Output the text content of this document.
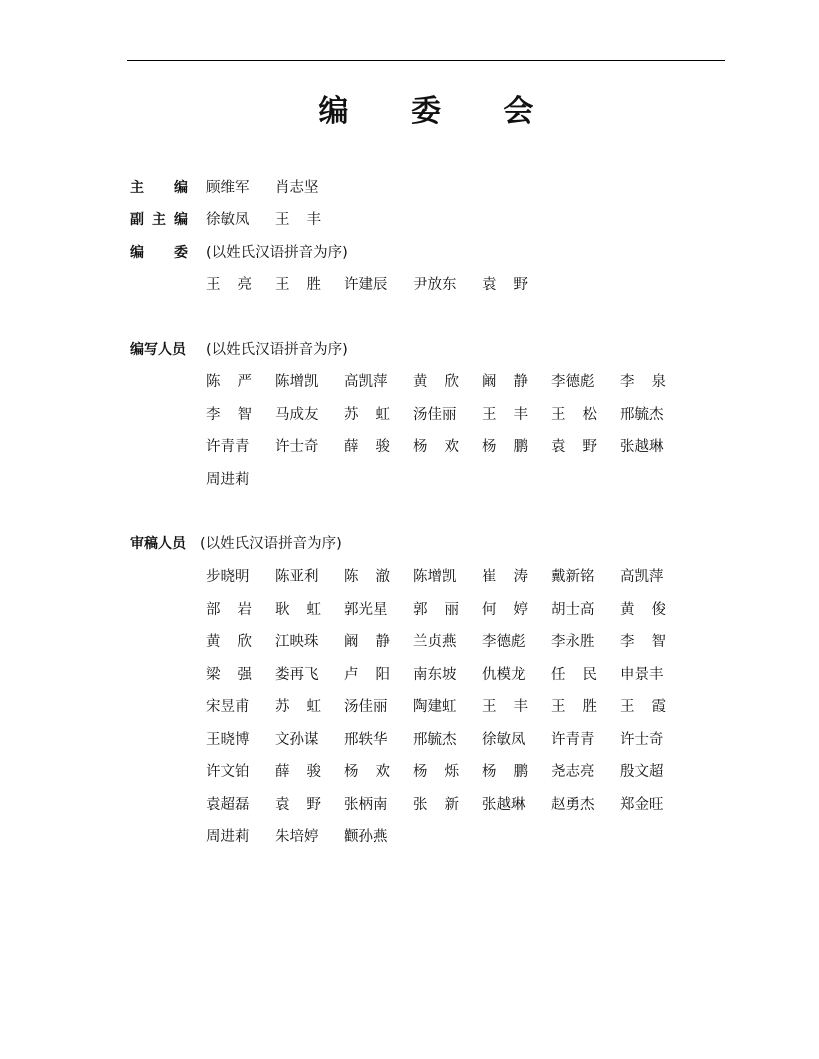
编 委 会
主 编 顾维军 肖志坚
副 主 编 徐敏凤 王 丰
编 委 (以姓氏汉语拼音为序)
王 亮 王 胜 许建辰 尹放东 袁 野
编写人员 (以姓氏汉语拼音为序)
陈 严 陈增凯 高凯萍 黄 欣 阚 静 李德彪 李 泉
李 智 马成友 苏 虹 汤佳丽 王 丰 王 松 邢毓杰
许青青 许士奇 薛 骏 杨 欢 杨 鹏 袁 野 张越琳
周进莉
审稿人员 (以姓氏汉语拼音为序)
步晓明 陈亚利 陈 澈 陈增凯 崔 涛 戴新铭 高凯萍
部 岩 耿 虹 郭光星 郭 丽 何 婷 胡士高 黄 俊
黄 欣 江映珠 阚 静 兰贞燕 李德彪 李永胜 李 智
梁 强 娄再飞 卢 阳 南东坡 仇模龙 任 民 申景丰
宋昱甫 苏 虹 汤佳丽 陶建虹 王 丰 王 胜 王 霞
王晓博 文孙谋 邢轶华 邢毓杰 徐敏凤 许青青 许士奇
许文铂 薛 骏 杨 欢 杨 烁 杨 鹏 尧志亮 殷文超
袁超磊 袁 野 张柄南 张 新 张越琳 赵勇杰 郑金旺
周进莉 朱培婷 颧孙燕
